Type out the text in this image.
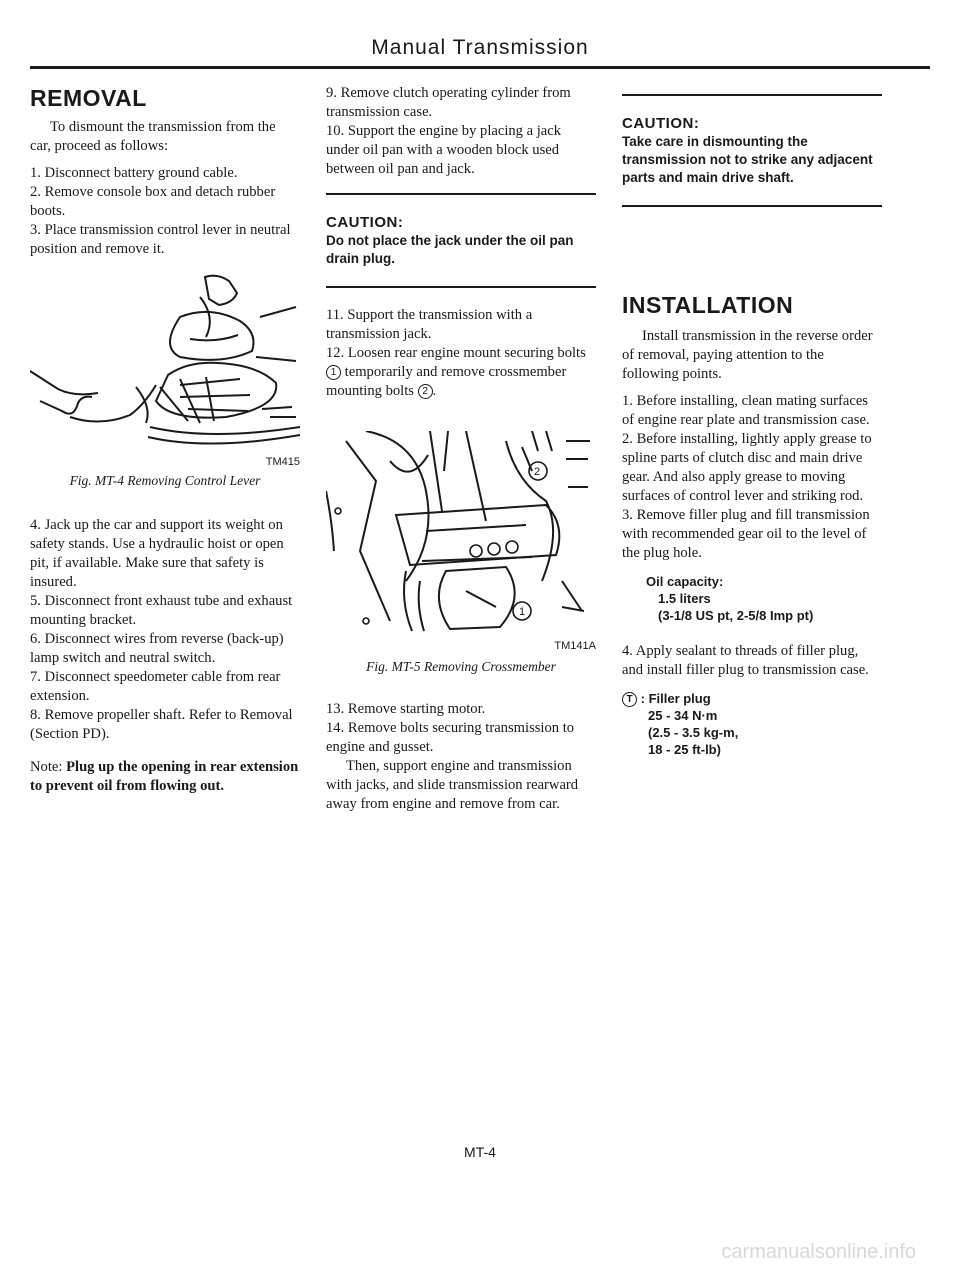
Manual Transmission
REMOVAL

To dismount the transmission from the car, proceed as follows:

1. Disconnect battery ground cable.

2. Remove console box and detach rubber boots.

3. Place transmission control lever in neutral position and remove it.

TM415
Fig. MT-4 Removing Control Lever

4. Jack up the car and support its weight on safety stands. Use a hydraulic hoist or open pit, if available. Make sure that safety is insured.

5. Disconnect front exhaust tube and exhaust mounting bracket.

6. Disconnect wires from reverse (back-up) lamp switch and neutral switch.

7. Disconnect speedometer cable from rear extension.

8. Remove propeller shaft. Refer to Removal (Section PD).

Note: Plug up the opening in rear extension to prevent oil from flowing out.

9. Remove clutch operating cylinder from transmission case.

10. Support the engine by placing a jack under oil pan with a wooden block used between oil pan and jack.

CAUTION:
Do not place the jack under the oil pan drain plug.

11. Support the transmission with a transmission jack.

12. Loosen rear engine mount securing bolts 1 temporarily and remove crossmember mounting bolts 2 .

1
2
TM141A
Fig. MT-5 Removing Crossmember

13. Remove starting motor.

14. Remove bolts securing transmission to engine and gusset.

Then, support engine and transmission with jacks, and slide transmission rearward away from engine and remove from car.

CAUTION:
Take care in dismounting the transmission not to strike any adjacent parts and main drive shaft.
INSTALLATION

Install transmission in the reverse order of removal, paying attention to the following points.

1. Before installing, clean mating surfaces of engine rear plate and transmission case.

2. Before installing, lightly apply grease to spline parts of clutch disc and main drive gear. And also apply grease to moving surfaces of control lever and striking rod.

3. Remove filler plug and fill transmission with recommended gear oil to the level of the plug hole.

Oil capacity:
1.5 liters
(3-1/8 US pt, 2-5/8 Imp pt)

4. Apply sealant to threads of filler plug, and install filler plug to transmission case.

T : Filler plug
25 - 34 N·m
(2.5 - 3.5 kg-m,
18 - 25 ft-lb)
MT-4
carmanualsonline.info
